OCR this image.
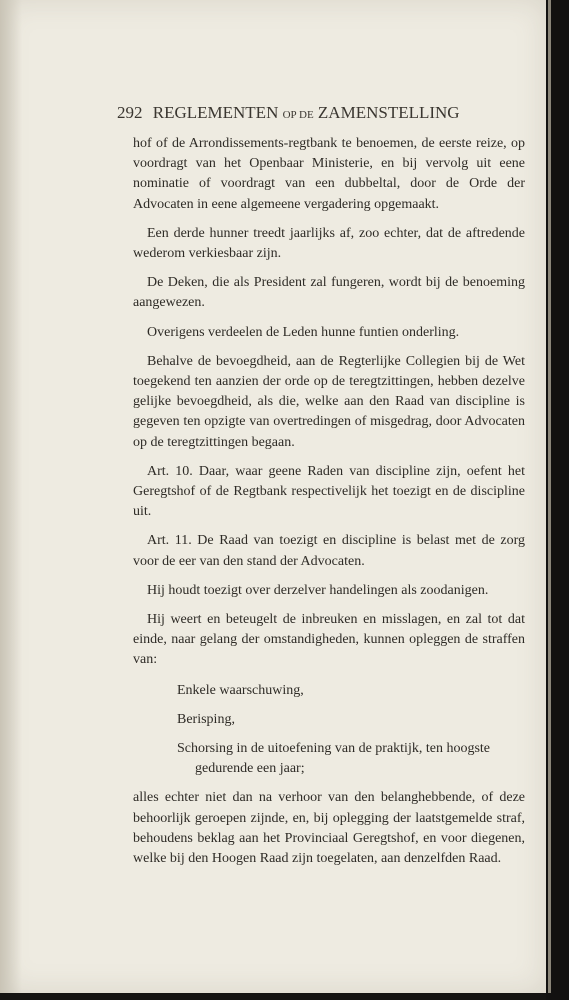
292 REGLEMENTEN OP DE ZAMENSTELLING

hof of de Arrondissements-regtbank te benoemen, de eerste reize, op voordragt van het Openbaar Ministerie, en bij vervolg uit eene nominatie of voordragt van een dubbeltal, door de Orde der Advocaten in eene algemeene vergadering opgemaakt.

Een derde hunner treedt jaarlijks af, zoo echter, dat de aftredende wederom verkiesbaar zijn.

De Deken, die als President zal fungeren, wordt bij de benoeming aangewezen.

Overigens verdeelen de Leden hunne funtien onderling.

Behalve de bevoegdheid, aan de Regterlijke Collegien bij de Wet toegekend ten aanzien der orde op de teregtzittingen, hebben dezelve gelijke bevoegdheid, als die, welke aan den Raad van discipline is gegeven ten opzigte van overtredingen of misgedrag, door Advocaten op de teregtzittingen begaan.

Art. 10. Daar, waar geene Raden van discipline zijn, oefent het Geregtshof of de Regtbank respectivelijk het toezigt en de discipline uit.

Art. 11. De Raad van toezigt en discipline is belast met de zorg voor de eer van den stand der Advocaten.

Hij houdt toezigt over derzelver handelingen als zoodanigen.

Hij weert en beteugelt de inbreuken en misslagen, en zal tot dat einde, naar gelang der omstandigheden, kunnen opleggen de straffen van:

Enkele waarschuwing,

Berisping,

Schorsing in de uitoefening van de praktijk, ten hoogste
gedurende een jaar;

alles echter niet dan na verhoor van den belanghebbende, of deze behoorlijk geroepen zijnde, en, bij oplegging der laatstgemelde straf, behoudens beklag aan het Provinciaal Geregtshof, en voor diegenen, welke bij den Hoogen Raad zijn toegelaten, aan denzelfden Raad.
